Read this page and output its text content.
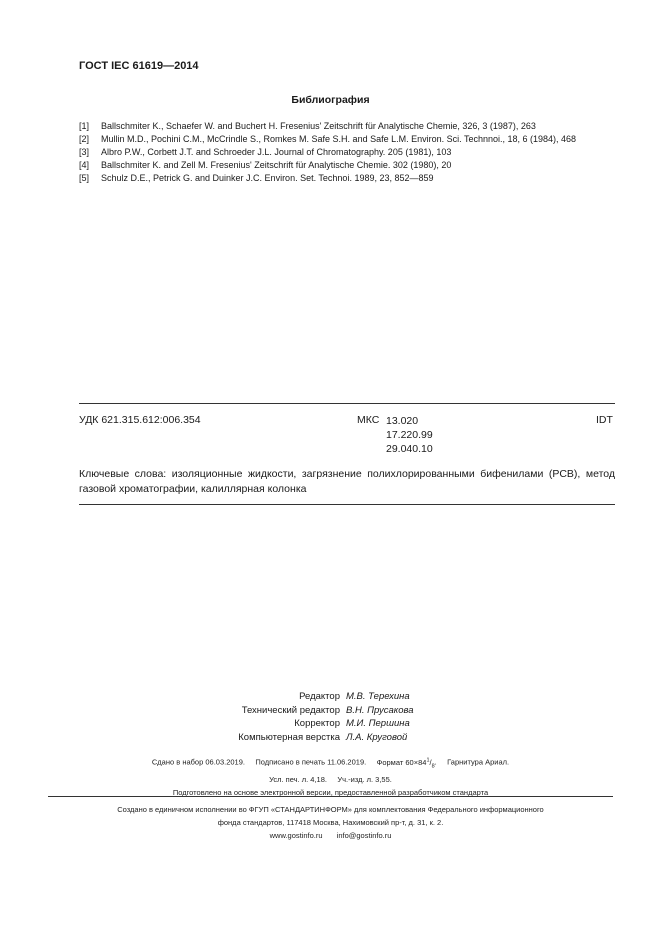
ГОСТ IEC 61619—2014
Библиография
[1]	Ballschmiter K., Schaefer W. and Buchert H. Fresenius' Zeitschrift für Analytische Chemie, 326, 3 (1987), 263
[2]	Mullin M.D., Pochini C.M., McCrindle S., Romkes M. Safe S.H. and Safe L.M. Environ. Sci. Technnoi., 18, 6 (1984), 468
[3]	Albro P.W., Corbett J.T. and Schroeder J.L. Journal of Chromatography. 205 (1981), 103
[4]	Ballschmiter K. and Zell M. Fresenius' Zeitschrift für Analytische Chemie. 302 (1980), 20
[5]	Schulz D.E., Petrick G. and Duinker J.C. Environ. Set. Technoi. 1989, 23, 852—859
УДК 621.315.612:006.354	МКС 13.020
17.220.99
29.040.10
IDT
Ключевые слова: изоляционные жидкости, загрязнение полихлорированными бифенилами (PCB), метод газовой хроматографии, калиллярная колонка
Редактор М.В. Терехина
Технический редактор В.Н. Прусакова
Корректор М.И. Першина
Компьютерная верстка Л.А. Круговой
Сдано в набор 06.03.2019. Подписано в печать 11.06.2019. Формат $60\times 84^1/_8$.     Гарнитура Ариал.
Усл. печ. л. 4,18. Уч.-изд. л. 3,55.
Подготовлено на основе электронной версии, предоставленной разработчиком стандарта
Создано в единичном исполнении во ФГУП «СТАНДАРТИНФОРМ» для комплектования Федерального информационного
фонда стандартов, 117418 Москва, Нахимовский пр-т, д. 31, к. 2.
www.gostinfo.ru info@gostinfo.ru
